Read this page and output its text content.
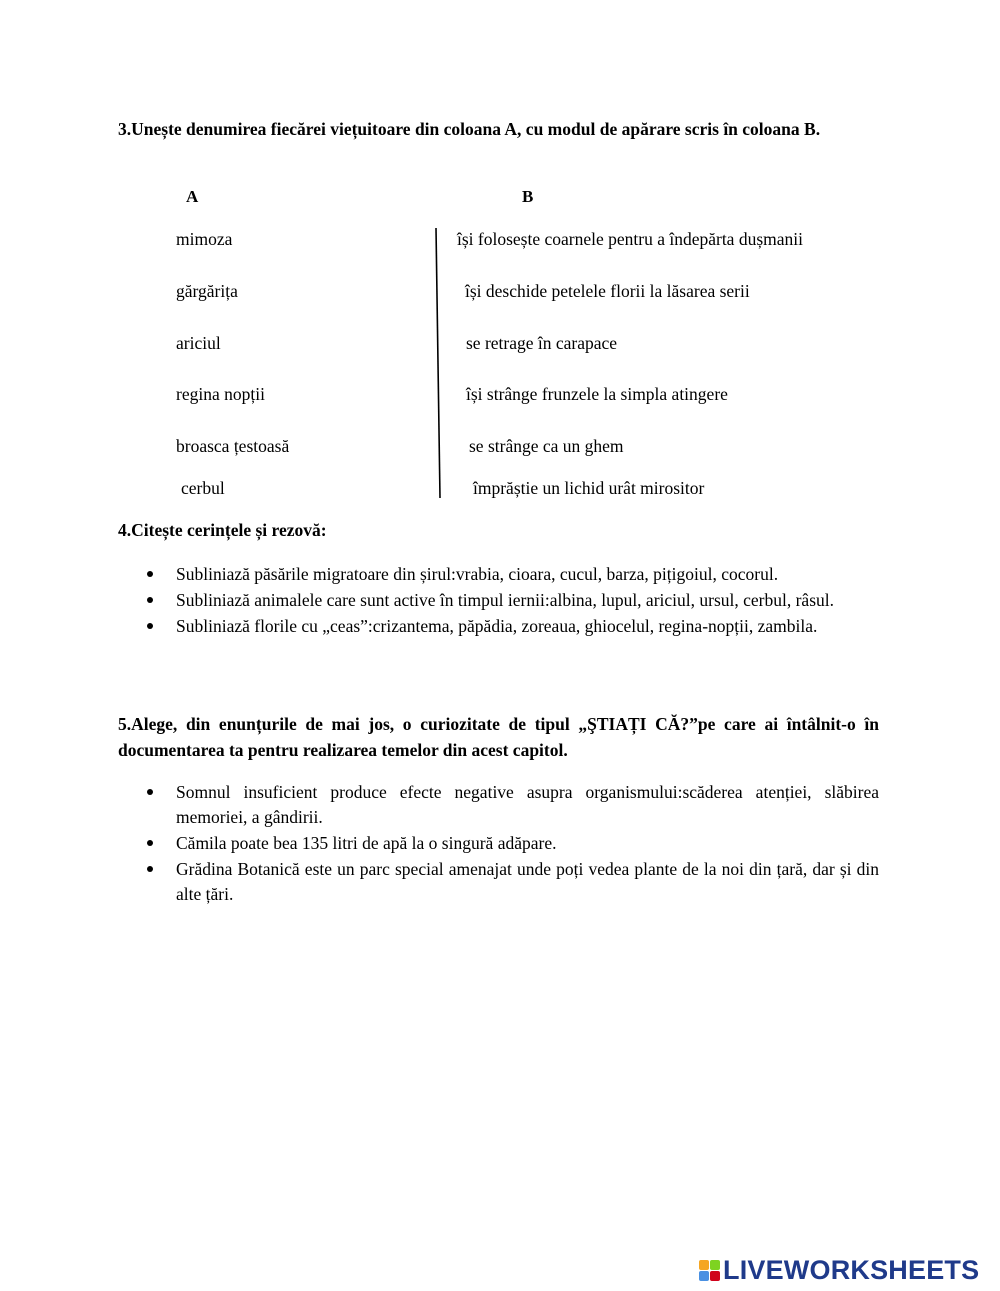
3.Unește denumirea fiecărei viețuitoare din coloana A, cu modul de apărare scris în coloana B.

A	B
mimoza
gărgărița
ariciul
regina nopții
broasca țestoasă
cerbul
își folosește coarnele pentru a îndepărta dușmanii
își deschide petelele florii la lăsarea serii
se retrage în carapace
își strânge frunzele la simpla atingere
se strânge ca un ghem
împrăștie un lichid urât mirositor

4.Citește cerințele și rezovă:

Subliniază păsările migratoare din șirul:vrabia, cioara, cucul, barza, pițigoiul, cocorul.
Subliniază animalele care sunt active în timpul iernii:albina, lupul, ariciul, ursul, cerbul, râsul.
Subliniază florile cu „ceas”:crizantema, păpădia, zoreaua, ghiocelul, regina-nopții, zambila.

5.Alege, din enunțurile de mai jos, o curiozitate de tipul „ŞTIAȚI CĂ?”pe care ai întâlnit-o în documentarea ta pentru realizarea temelor din acest capitol.

Somnul insuficient produce efecte negative asupra organismului:scăderea atenției, slăbirea memoriei, a gândirii.
Cămila poate bea 135 litri de apă la o singură adăpare.
Grădina Botanică este un parc special amenajat unde poți vedea plante de la noi din țară, dar și din alte țări.
LIVEWORKSHEETS
